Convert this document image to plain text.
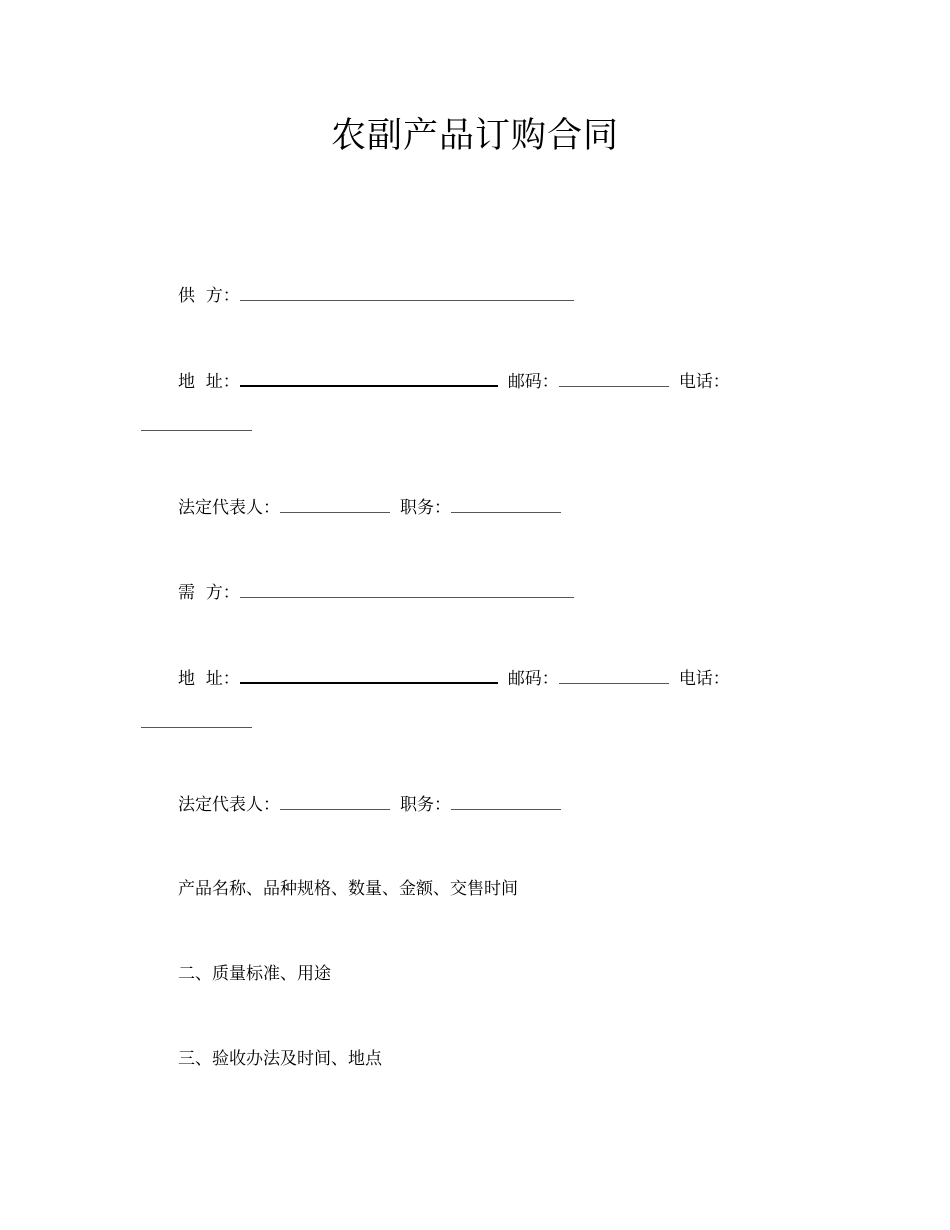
农副产品订购合同
供  方：
地  址：	邮码：	电话：
法定代表人：	职务：
需  方：
地  址：	邮码：	电话：
法定代表人：	职务：
产品名称、品种规格、数量、金额、交售时间
二、质量标准、用途
三、验收办法及时间、地点
